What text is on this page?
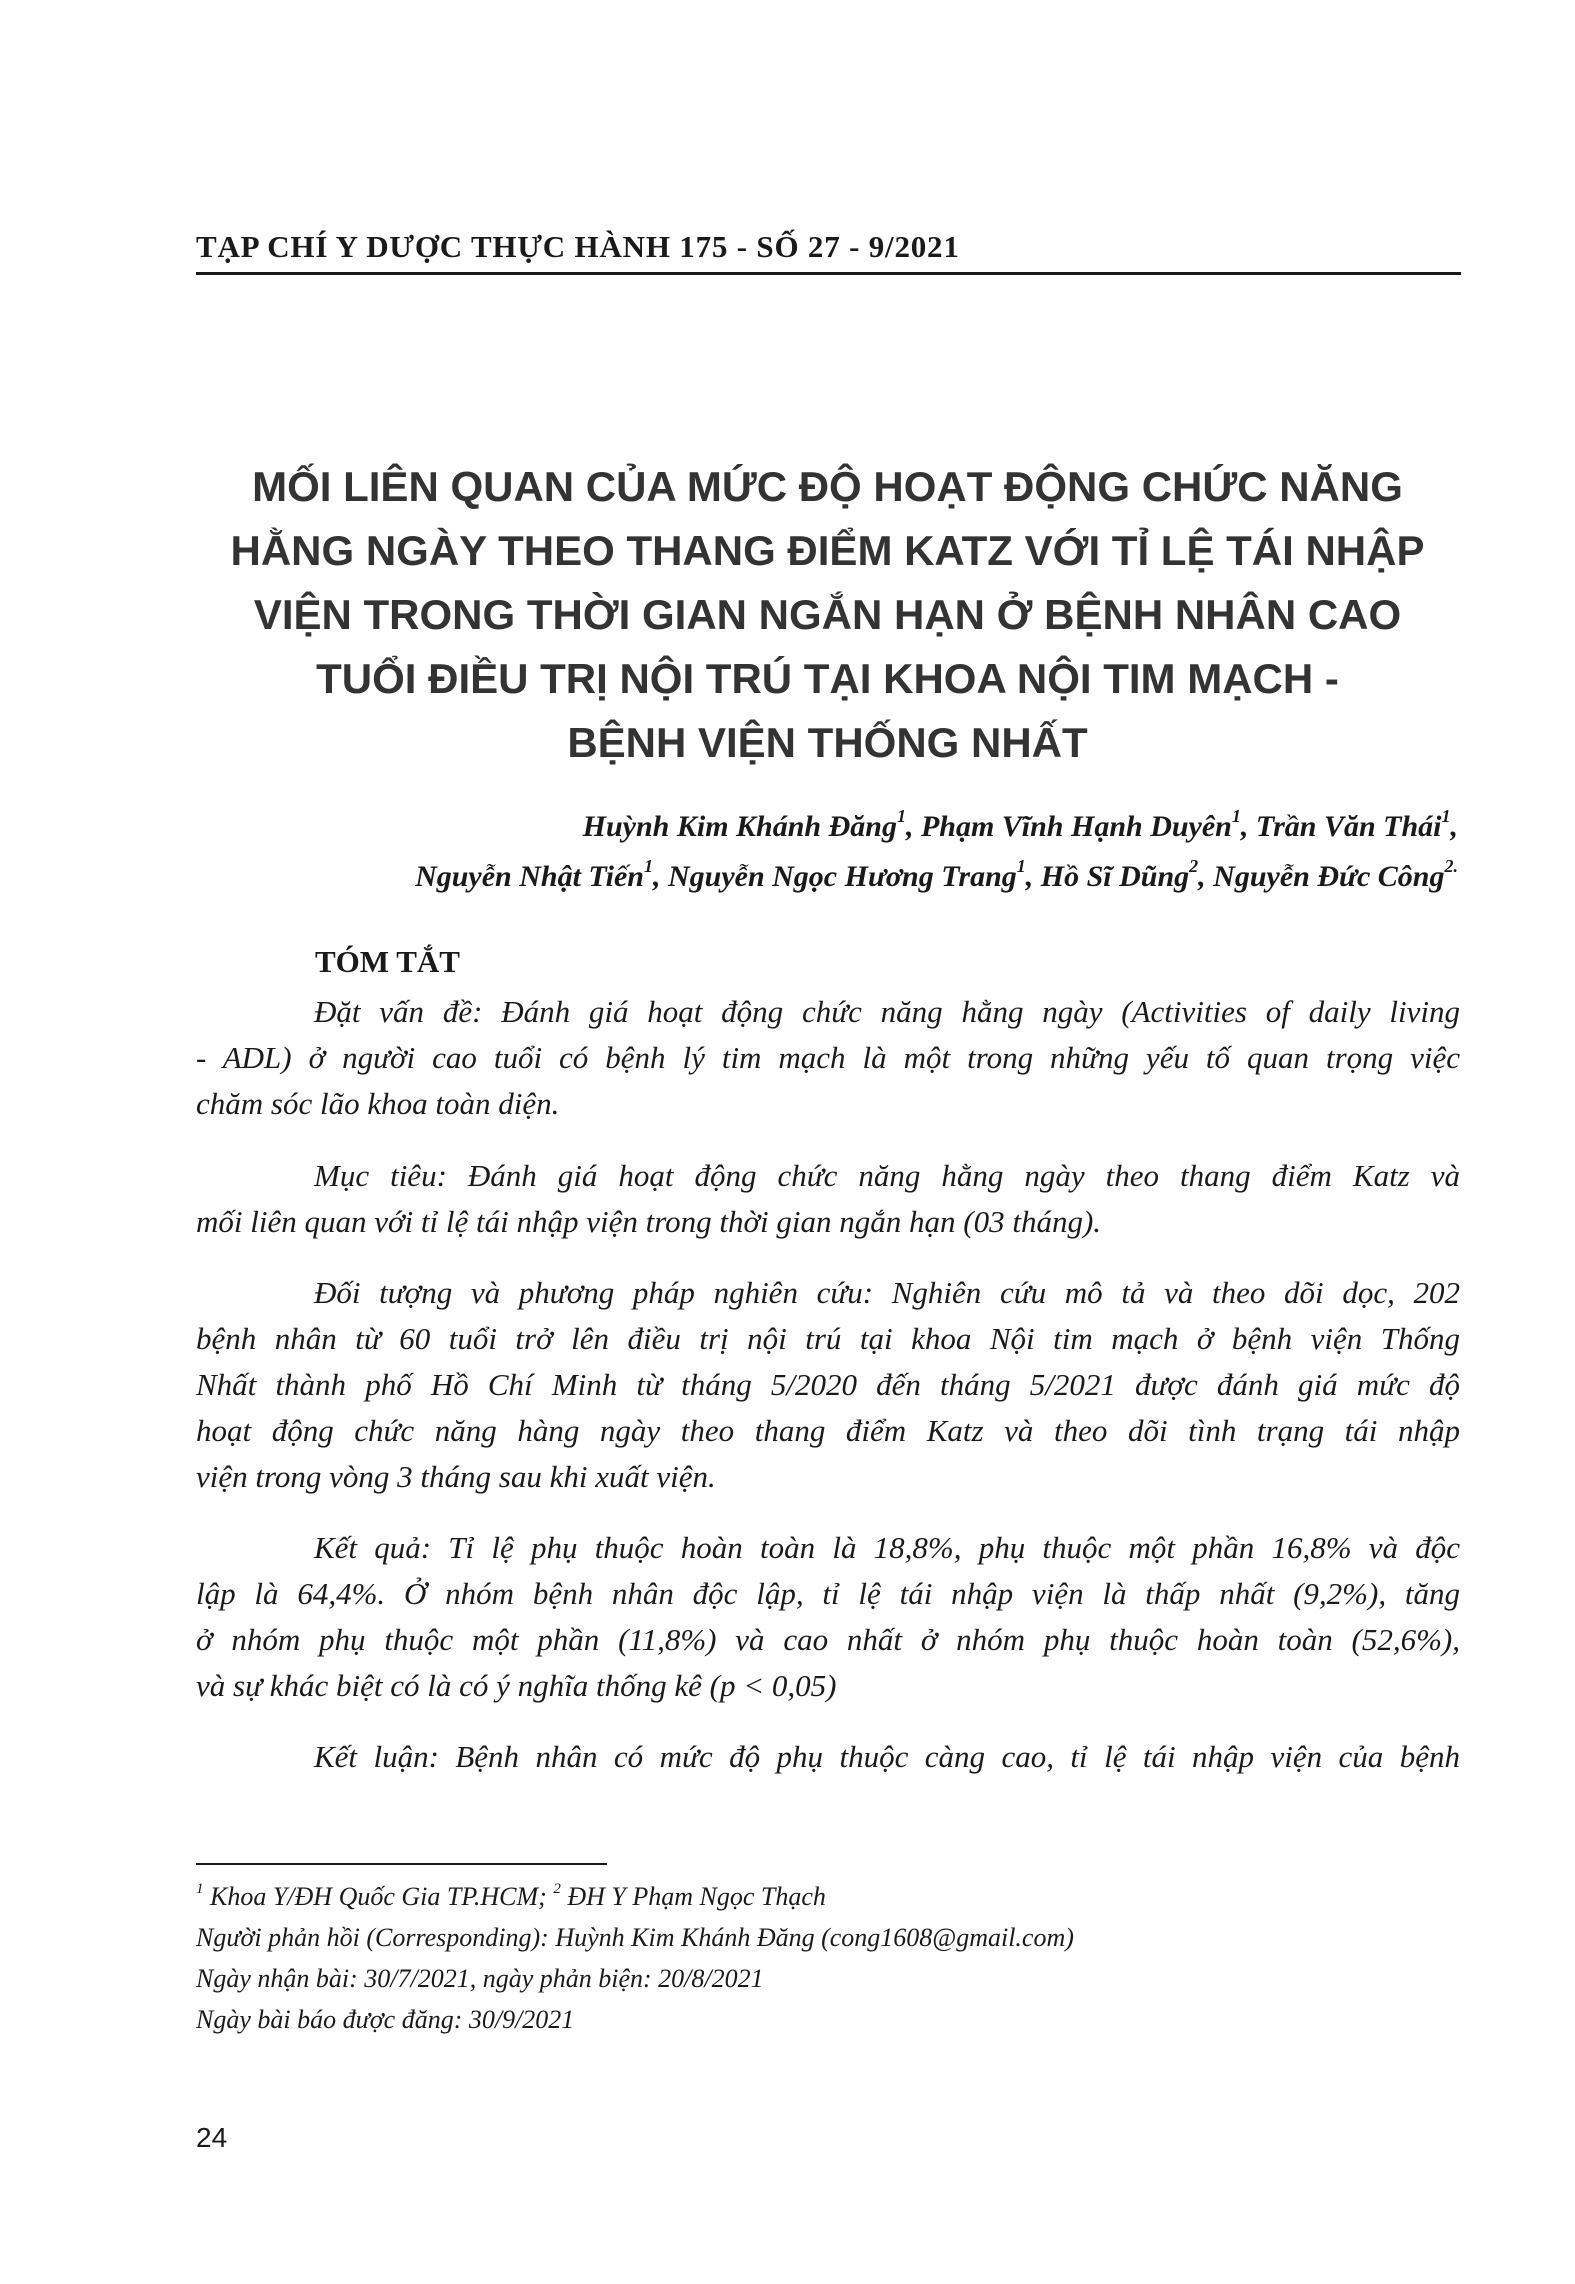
TẠP CHÍ Y DƯỢC THỰC HÀNH 175 - SỐ 27 - 9/2021
MỐI LIÊN QUAN CỦA MỨC ĐỘ HOẠT ĐỘNG CHỨC NĂNG
HẰNG NGÀY THEO THANG ĐIỂM KATZ VỚI TỈ LỆ TÁI NHẬP
VIỆN TRONG THỜI GIAN NGẮN HẠN Ở BỆNH NHÂN CAO
TUỔI ĐIỀU TRỊ NỘI TRÚ TẠI KHOA NỘI TIM MẠCH -
BỆNH VIỆN THỐNG NHẤT
Huỳnh Kim Khánh Đăng$^1$, Phạm Vĩnh Hạnh Duyên$^1$, Trần Văn Thái$^1$,
Nguyễn Nhật Tiến$^1$, Nguyễn Ngọc Hương Trang$^1$, Hồ Sĩ Dũng$^2$, Nguyễn Đức Công$^{2.}$
TÓM TẮT
Đặt vấn đề: Đánh giá hoạt động chức năng hằng ngày (Activities of daily living
- ADL) ở người cao tuổi có bệnh lý tim mạch là một trong những yếu tố quan trọng việc
chăm sóc lão khoa toàn diện.
Mục tiêu: Đánh giá hoạt động chức năng hằng ngày theo thang điểm Katz và
mối liên quan với tỉ lệ tái nhập viện trong thời gian ngắn hạn (03 tháng).
Đối tượng và phương pháp nghiên cứu: Nghiên cứu mô tả và theo dõi dọc, 202
bệnh nhân từ 60 tuổi trở lên điều trị nội trú tại khoa Nội tim mạch ở bệnh viện Thống
Nhất thành phố Hồ Chí Minh từ tháng 5/2020 đến tháng 5/2021 được đánh giá mức độ
hoạt động chức năng hàng ngày theo thang điểm Katz và theo dõi tình trạng tái nhập
viện trong vòng 3 tháng sau khi xuất viện.
Kết quả: Tỉ lệ phụ thuộc hoàn toàn là 18,8%, phụ thuộc một phần 16,8% và độc
lập là 64,4%. Ở nhóm bệnh nhân độc lập, tỉ lệ tái nhập viện là thấp nhất (9,2%), tăng
ở nhóm phụ thuộc một phần (11,8%) và cao nhất ở nhóm phụ thuộc hoàn toàn (52,6%),
và sự khác biệt có là có ý nghĩa thống kê (p < 0,05)
Kết luận: Bệnh nhân có mức độ phụ thuộc càng cao, tỉ lệ tái nhập viện của bệnh
$^1$ Khoa Y/ĐH Quốc Gia TP.HCM; $^2$ ĐH Y Phạm Ngọc Thạch
Người phản hồi (Corresponding): Huỳnh Kim Khánh Đăng (cong1608@gmail.com)
Ngày nhận bài: 30/7/2021, ngày phản biện: 20/8/2021
Ngày bài báo được đăng: 30/9/2021
24
